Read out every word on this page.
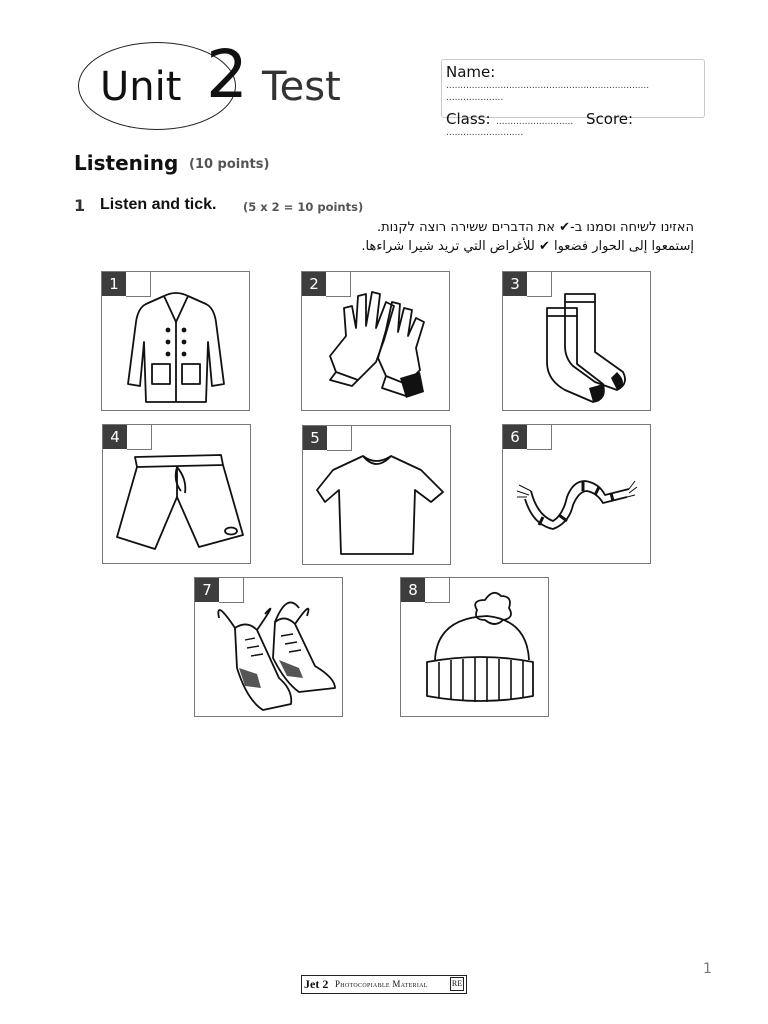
Unit 2 Test	Name:
.......................................................................
....................
Class: ........................... Score:
...........................
Listening (10 points)
1 Listen and tick. (5 x 2 = 10 points)
האזינו לשיחה וסמנו ב-✔ את הדברים ששירה רוצה לקנות.
إستمعوا إلى الحوار فضعوا ✔ للأغراض التي تريد شيرا شراءها.
1	2	3
4	5	6
7	8
1
Jet 2 Photocopiable Material	RE
